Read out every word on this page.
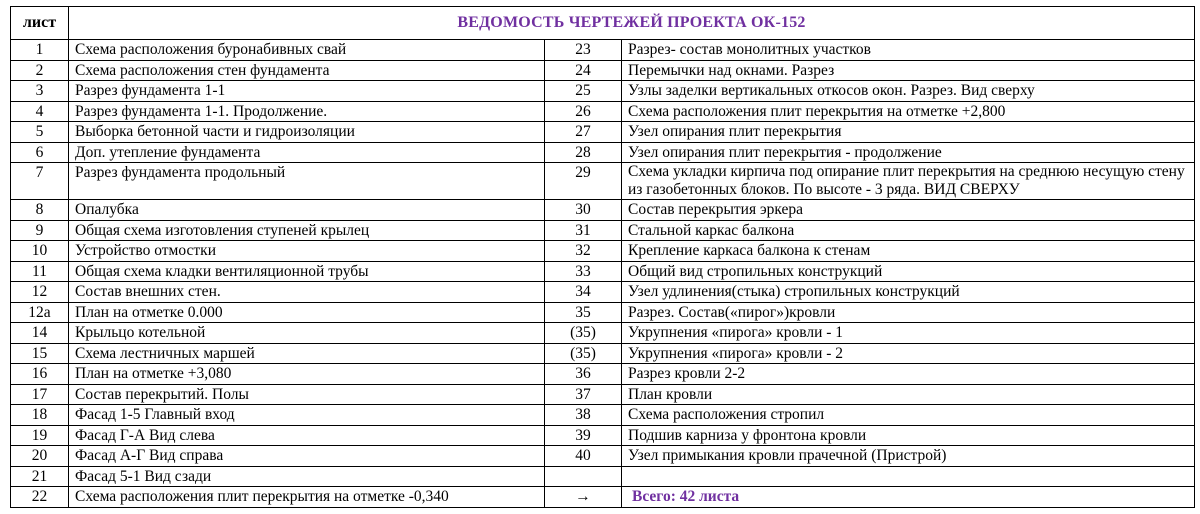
лист	ВЕДОМОСТЬ ЧЕРТЕЖЕЙ ПРОЕКТА ОК-152		
1	Схема расположения буронабивных свай	23	Разрез- состав монолитных участков
2	Схема расположения стен фундамента	24	Перемычки над окнами. Разрез
3	Разрез фундамента 1-1	25	Узлы заделки вертикальных откосов окон. Разрез. Вид сверху
4	Разрез фундамента 1-1. Продолжение.	26	Схема расположения плит перекрытия на отметке +2,800
5	Выборка бетонной части и гидроизоляции	27	Узел опирания плит перекрытия
6	Доп. утепление фундамента	28	Узел опирания плит перекрытия - продолжение
7	Разрез фундамента продольный	29	Схема укладки кирпича под опирание плит перекрытия на среднюю несущую стену из газобетонных блоков. По высоте - 3 ряда. ВИД СВЕРХУ
8	Опалубка	30	Состав перекрытия эркера
9	Общая схема изготовления ступеней крылец	31	Стальной каркас балкона
10	Устройство отмостки	32	Крепление каркаса балкона к стенам
11	Общая схема кладки вентиляционной трубы	33	Общий вид стропильных конструкций
12	Состав внешних стен.	34	Узел удлинения(стыка) стропильных конструкций
12а	План на отметке 0.000	35	Разрез. Состав(«пирог»)кровли
14	Крыльцо котельной	(35)	Укрупнения «пирога» кровли - 1
15	Схема лестничных маршей	(35)	Укрупнения «пирога» кровли - 2
16	План на отметке +3,080	36	Разрез кровли 2-2
17	Состав перекрытий. Полы	37	План кровли
18	Фасад 1-5 Главный вход	38	Схема расположения стропил
19	Фасад Г-А Вид слева	39	Подшив карниза у фронтона кровли
20	Фасад А-Г Вид справа	40	Узел примыкания кровли прачечной (Пристрой)
21	Фасад 5-1 Вид сзади		
22	Схема расположения плит перекрытия на отметке -0,340	→	Всего: 42 листа
